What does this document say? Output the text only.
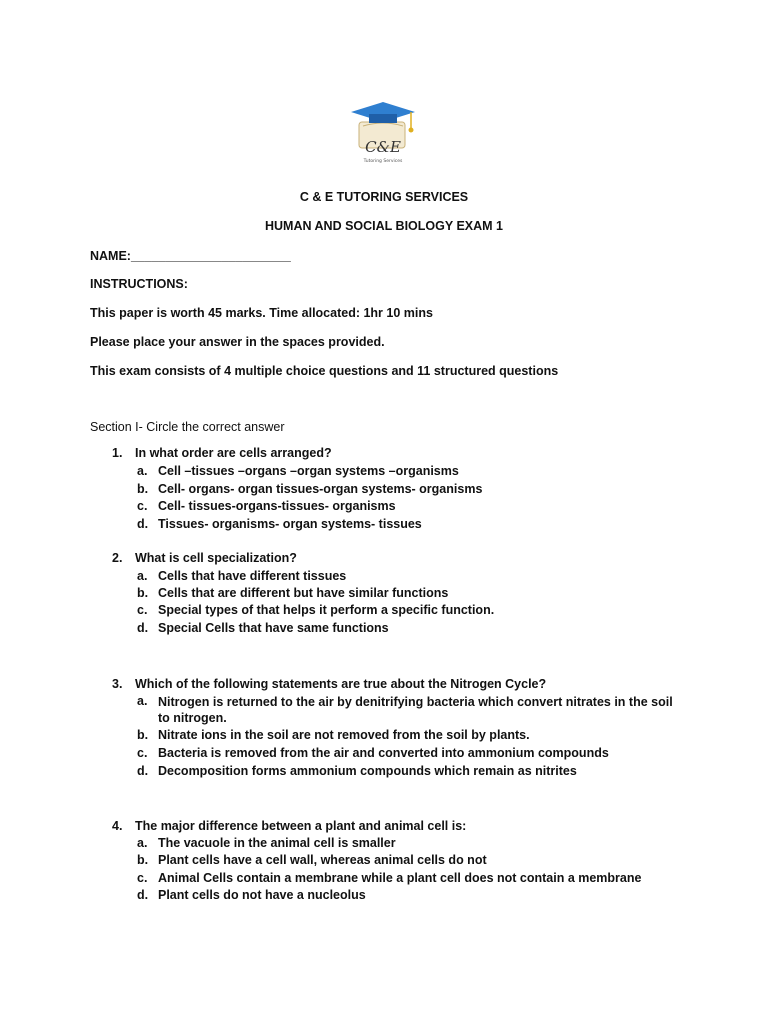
C&E
Tutoring Services
C & E TUTORING SERVICES
HUMAN AND SOCIAL BIOLOGY EXAM 1
NAME:_______________________
INSTRUCTIONS:
This paper is worth 45 marks. Time allocated: 1hr 10 mins
Please place your answer in the spaces provided.
This exam consists of 4 multiple choice questions and 11 structured questions
Section I- Circle the correct answer
1. In what order are cells arranged?
a. Cell –tissues –organs –organ systems –organisms
b. Cell- organs- organ tissues-organ systems- organisms
c. Cell- tissues-organs-tissues- organisms
d. Tissues- organisms- organ systems- tissues
2. What is cell specialization?
a. Cells that have different tissues
b. Cells that are different but have similar functions
c. Special types of that helps it perform a specific function.
d. Special Cells that have same functions
3. Which of the following statements are true about the Nitrogen Cycle?
a. Nitrogen is returned to the air by denitrifying bacteria which convert nitrates in the soil to nitrogen.
b. Nitrate ions in the soil are not removed from the soil by plants.
c. Bacteria is removed from the air and converted into ammonium compounds
d. Decomposition forms ammonium compounds which remain as nitrites
4. The major difference between a plant and animal cell is:
a. The vacuole in the animal cell is smaller
b. Plant cells have a cell wall, whereas animal cells do not
c. Animal Cells contain a membrane while a plant cell does not contain a membrane
d. Plant cells do not have a nucleolus
